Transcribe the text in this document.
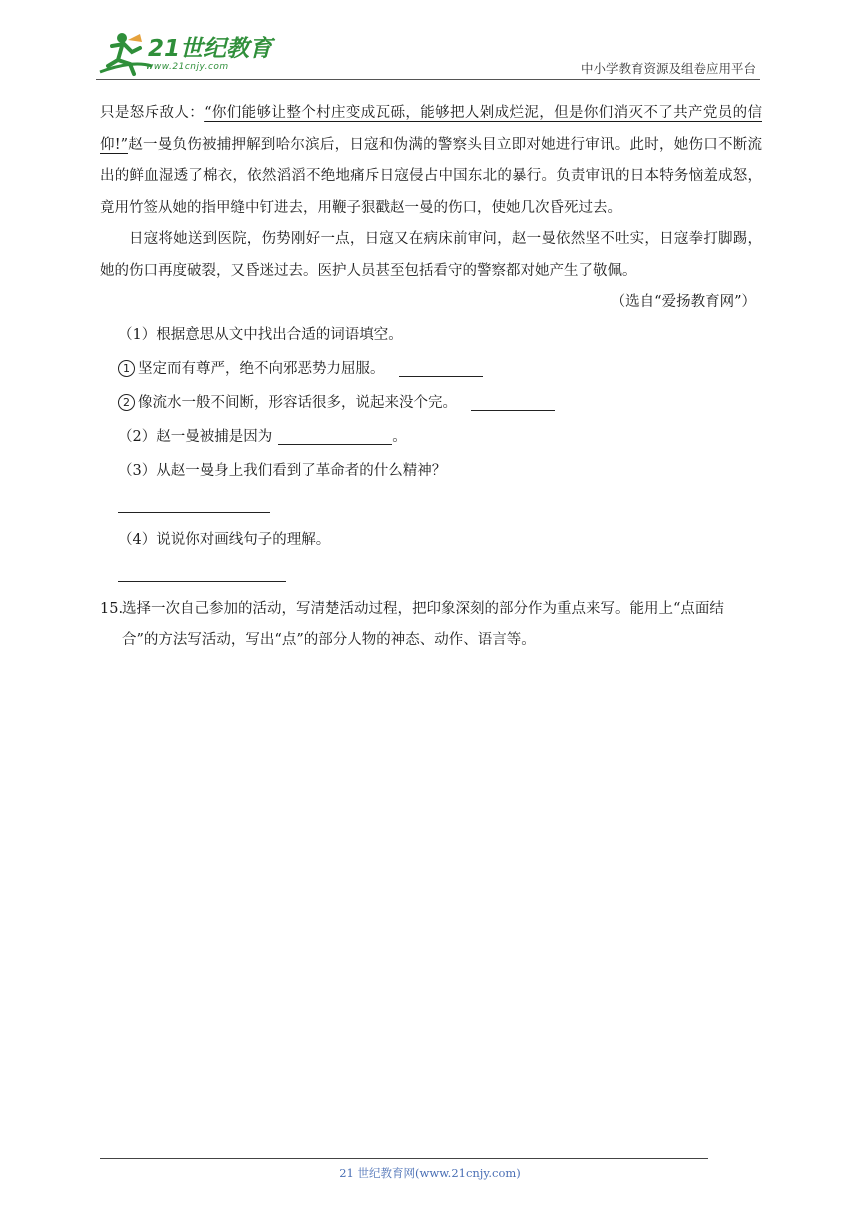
21世纪教育
www.21cnjy.com	中小学教育资源及组卷应用平台

只是怒斥敌人：“你们能够让整个村庄变成瓦砾，能够把人剁成烂泥，但是你们消灭不了共产党员的信仰!”赵一曼负伤被捕押解到哈尔滨后，日寇和伪满的警察头目立即对她进行审讯。此时，她伤口不断流出的鲜血湿透了棉衣，依然滔滔不绝地痛斥日寇侵占中国东北的暴行。负责审讯的日本特务恼羞成怒，竟用竹签从她的指甲缝中钉进去，用鞭子狠戳赵一曼的伤口，使她几次昏死过去。

日寇将她送到医院，伤势刚好一点，日寇又在病床前审问，赵一曼依然坚不吐实，日寇拳打脚踢，她的伤口再度破裂，又昏迷过去。医护人员甚至包括看守的警察都对她产生了敬佩。

（选自“爱扬教育网”）
（1）根据意思从文中找出合适的词语填空。
1 坚定而有尊严，绝不向邪恶势力屈服。
2 像流水一般不间断，形容话很多，说起来没个完。
（2）赵一曼被捕是因为	。
（3）从赵一曼身上我们看到了革命者的什么精神？
（4）说说你对画线句子的理解。
15.选择一次自己参加的活动，写清楚活动过程，把印象深刻的部分作为重点来写。能用上“点面结
合”的方法写活动，写出“点”的部分人物的神态、动作、语言等。
21 世纪教育网(www.21cnjy.com)
